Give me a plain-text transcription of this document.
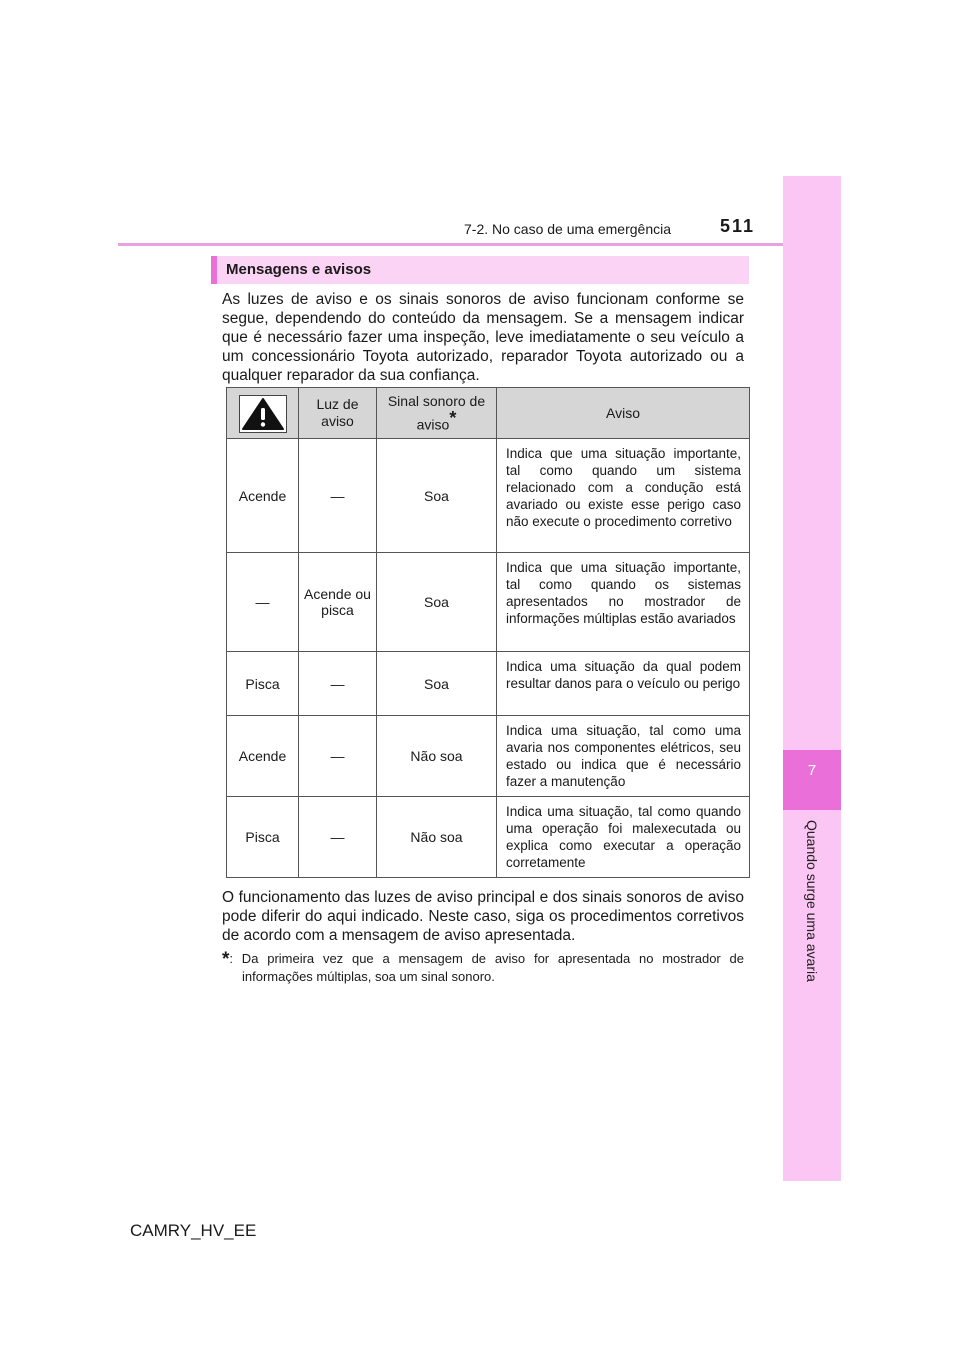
7-2. No caso de uma emergência	511
7
Quando surge uma avaria
Mensagens e avisos
As luzes de aviso e os sinais sonoros de aviso funcionam conforme se segue, dependendo do conteúdo da mensagem. Se a mensagem indicar que é necessário fazer uma inspeção, leve imediatamente o seu veículo a um concessionário Toyota autorizado, reparador Toyota autorizado ou a qualquer reparador da sua confiança.
	Luz de aviso	Sinal sonoro de aviso*	Aviso
Acende	—	Soa	Indica que uma situação importante, tal como quando um sistema relacionado com a condução está avariado ou existe esse perigo caso não execute o procedimento corretivo
—	Acende ou pisca	Soa	Indica que uma situação importante, tal como quando os sistemas apresentados no mostrador de informações múltiplas estão avariados
Pisca	—	Soa	Indica uma situação da qual podem resultar danos para o veículo ou perigo
Acende	—	Não soa	Indica uma situação, tal como uma avaria nos componentes elétricos, seu estado ou indica que é necessário fazer a manutenção
Pisca	—	Não soa	Indica uma situação, tal como quando uma operação foi malexecutada ou explica como executar a operação corretamente
O funcionamento das luzes de aviso principal e dos sinais sonoros de aviso pode diferir do aqui indicado. Neste caso, siga os procedimentos corretivos de acordo com a mensagem de aviso apresentada.
*: Da primeira vez que a mensagem de aviso for apresentada no mostrador de informações múltiplas, soa um sinal sonoro.
CAMRY_HV_EE
